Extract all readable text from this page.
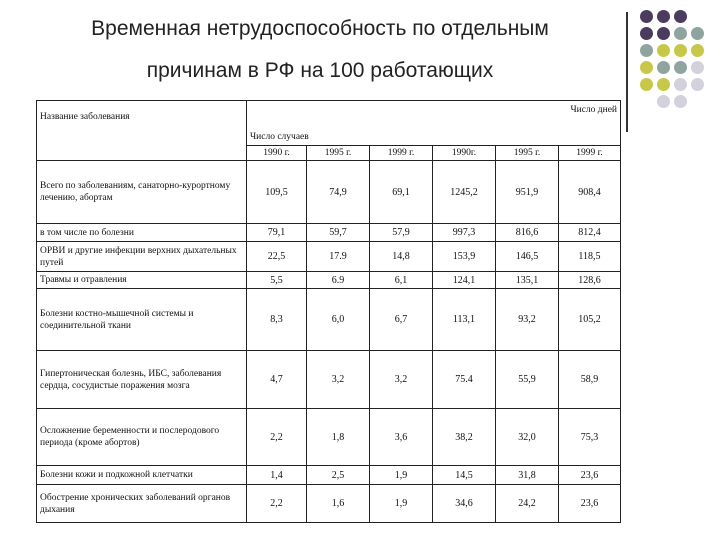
Временная нетрудоспособность по отдельным
причинам в РФ на 100 работающих
Название заболевания	Число случаев			Число дней		
	1990 г.	1995 г.	1999 г.	1990г.	1995 г.	1999 г.
Всего по заболеваниям, санаторно-курортному лечению, абортам	109,5	74,9	69,1	1245,2	951,9	908,4
в том числе по болезни	79,1	59,7	57,9	997,3	816,6	812,4
ОРВИ и другие инфекции верхних дыхательных путей	22,5	17.9	14,8	153,9	146,5	118,5
Травмы и отравления	5,5	6.9	6,1	124,1	135,1	128,6
Болезни костно-мышечной системы и соединительной ткани	8,3	6,0	6,7	113,1	93,2	105,2
Гипертоническая болезнь, ИБС, заболевания сердца, сосудистые поражения мозга	4,7	3,2	3,2	75.4	55,9	58,9
Осложнение беременности и послеродового периода (кроме абортов)	2,2	1,8	3,6	38,2	32,0	75,3
Болезни кожи и подкожной клетчатки	1,4	2,5	1,9	14,5	31,8	23,6
Обострение хронических заболеваний органов дыхания	2,2	1,6	1,9	34,6	24,2	23,6
